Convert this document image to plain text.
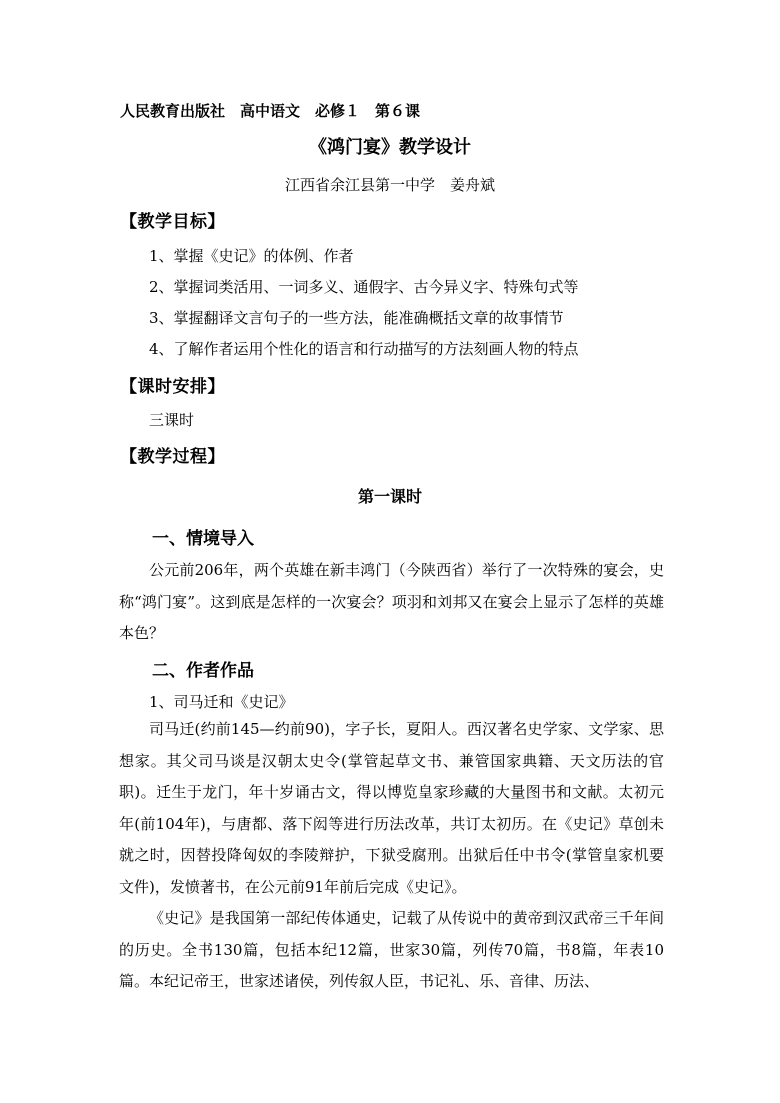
人民教育出版社　高中语文　必修１　第６课
《鸿门宴》教学设计
江西省余江县第一中学　姜舟斌
【教学目标】
1、掌握《史记》的体例、作者
2、掌握词类活用、一词多义、通假字、古今异义字、特殊句式等
3、掌握翻译文言句子的一些方法，能准确概括文章的故事情节
4、了解作者运用个性化的语言和行动描写的方法刻画人物的特点
【课时安排】
三课时
【教学过程】
第一课时
一、情境导入
公元前206年，两个英雄在新丰鸿门（今陕西省）举行了一次特殊的宴会，史称“鸿门宴”。这到底是怎样的一次宴会？项羽和刘邦又在宴会上显示了怎样的英雄本色？
二、作者作品
1、司马迁和《史记》
司马迁(约前145—约前90)，字子长，夏阳人。西汉著名史学家、文学家、思想家。其父司马谈是汉朝太史令(掌管起草文书、兼管国家典籍、天文历法的官职)。迁生于龙门，年十岁诵古文，得以博览皇家珍藏的大量图书和文献。太初元年(前104年)，与唐都、落下闳等进行历法改革，共订太初历。在《史记》草创未就之时，因替投降匈奴的李陵辩护，下狱受腐刑。出狱后任中书令(掌管皇家机要文件)，发愤著书，在公元前91年前后完成《史记》。
《史记》是我国第一部纪传体通史，记载了从传说中的黄帝到汉武帝三千年间的历史。全书130篇，包括本纪12篇，世家30篇，列传70篇，书8篇，年表10篇。本纪记帝王，世家述诸侯，列传叙人臣，书记礼、乐、音律、历法、
